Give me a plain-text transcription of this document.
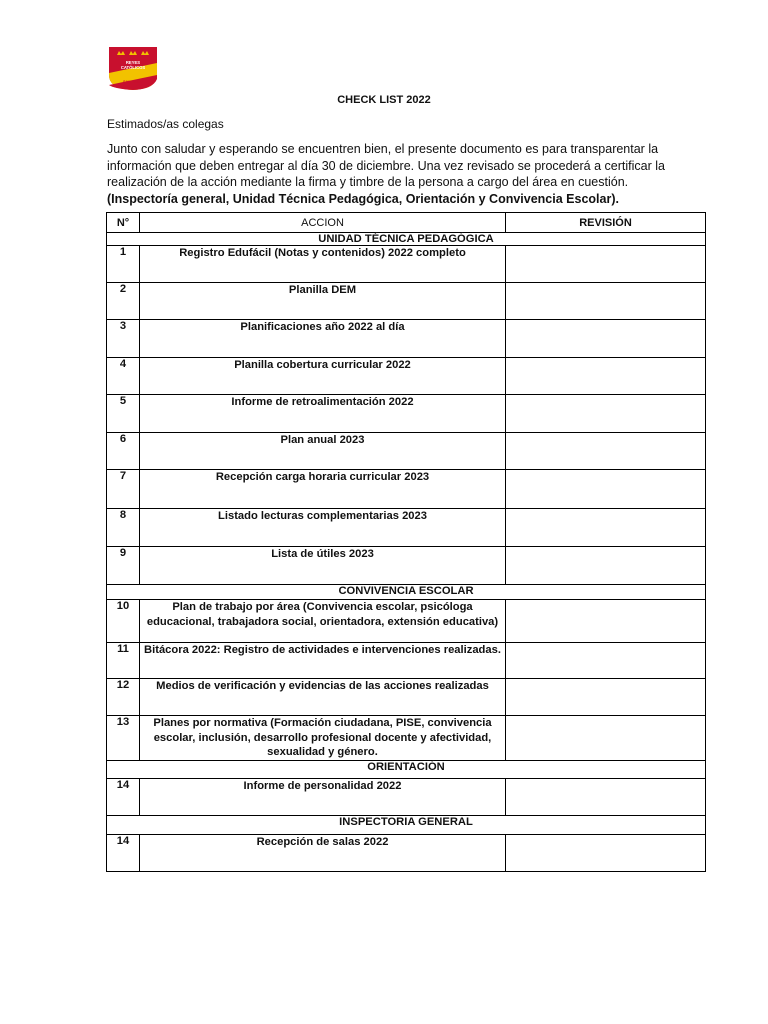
REYES
CATÓLICOS
SANTIAGO
CHECK LIST 2022
Estimados/as colegas
Junto con saludar y esperando se encuentren bien, el presente documento es para transparentar la información que deben entregar al día 30 de diciembre. Una vez revisado se procederá a certificar la realización de la acción mediante la firma y timbre de la persona a cargo del área en cuestión. (Inspectoría general, Unidad Técnica Pedagógica, Orientación y Convivencia Escolar).
N°	ACCION	REVISIÓN
UNIDAD TÉCNICA PEDAGÓGICA		
1	Registro Edufácil (Notas y contenidos) 2022 completo	
2	Planilla DEM	
3	Planificaciones año 2022 al día	
4	Planilla cobertura curricular 2022	
5	Informe de retroalimentación 2022	
6	Plan anual 2023	
7	Recepción carga horaria curricular 2023	
8	Listado lecturas complementarias 2023	
9	Lista de útiles 2023	
CONVIVENCIA ESCOLAR		
10	Plan de trabajo por área (Convivencia escolar, psicóloga educacional, trabajadora social, orientadora, extensión educativa)	
11	Bitácora 2022: Registro de actividades e intervenciones realizadas.	
12	Medios de verificación y evidencias de las acciones realizadas	
13	Planes por normativa (Formación ciudadana, PISE, convivencia escolar, inclusión, desarrollo profesional docente y afectividad, sexualidad y género.	
ORIENTACIÓN		
14	Informe de personalidad 2022	
INSPECTORIA GENERAL		
14	Recepción de salas 2022	
